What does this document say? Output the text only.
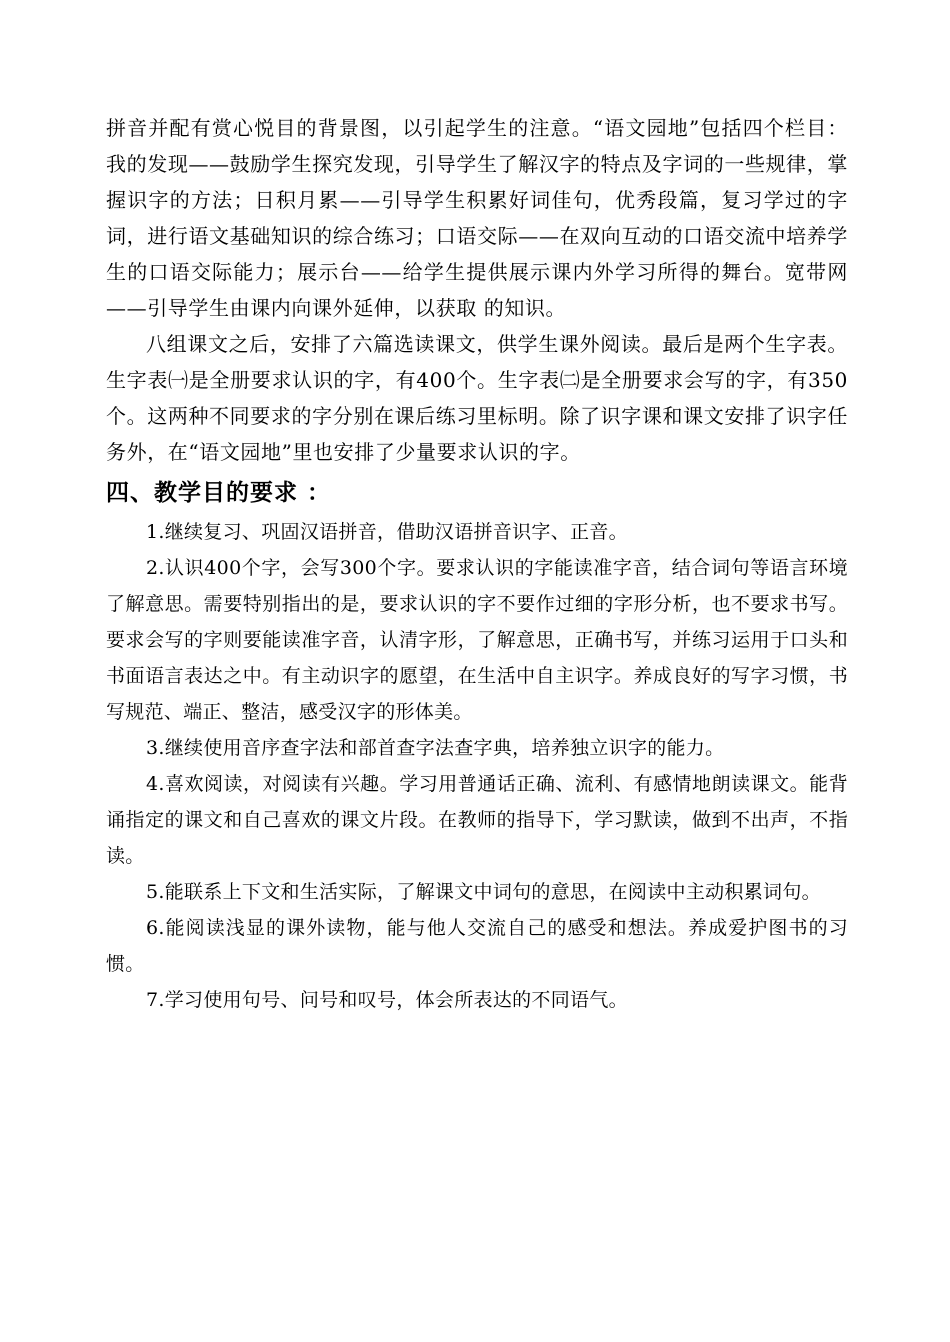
拼音并配有赏心悦目的背景图，以引起学生的注意。“语文园地”包括四个栏目：我的发现——鼓励学生探究发现，引导学生了解汉字的特点及字词的一些规律，掌握识字的方法；日积月累——引导学生积累好词佳句，优秀段篇，复习学过的字词，进行语文基础知识的综合练习；口语交际——在双向互动的口语交流中培养学生的口语交际能力；展示台——给学生提供展示课内外学习所得的舞台。宽带网——引导学生由课内向课外延伸，以获取 的知识。

八组课文之后，安排了六篇选读课文，供学生课外阅读。最后是两个生字表。生字表㈠是全册要求认识的字，有400个。生字表㈡是全册要求会写的字，有350个。这两种不同要求的字分别在课后练习里标明。除了识字课和课文安排了识字任务外，在“语文园地”里也安排了少量要求认识的字。

四、教学目的要求 ：

1.继续复习、巩固汉语拼音，借助汉语拼音识字、正音。

2.认识400个字，会写300个字。要求认识的字能读准字音，结合词句等语言环境了解意思。需要特别指出的是，要求认识的字不要作过细的字形分析，也不要求书写。要求会写的字则要能读准字音，认清字形，了解意思，正确书写，并练习运用于口头和书面语言表达之中。有主动识字的愿望，在生活中自主识字。养成良好的写字习惯，书写规范、端正、整洁，感受汉字的形体美。

3.继续使用音序查字法和部首查字法查字典，培养独立识字的能力。

4.喜欢阅读，对阅读有兴趣。学习用普通话正确、流利、有感情地朗读课文。能背诵指定的课文和自己喜欢的课文片段。在教师的指导下，学习默读，做到不出声，不指读。

5.能联系上下文和生活实际，了解课文中词句的意思，在阅读中主动积累词句。

6.能阅读浅显的课外读物，能与他人交流自己的感受和想法。养成爱护图书的习惯。

7.学习使用句号、问号和叹号，体会所表达的不同语气。
